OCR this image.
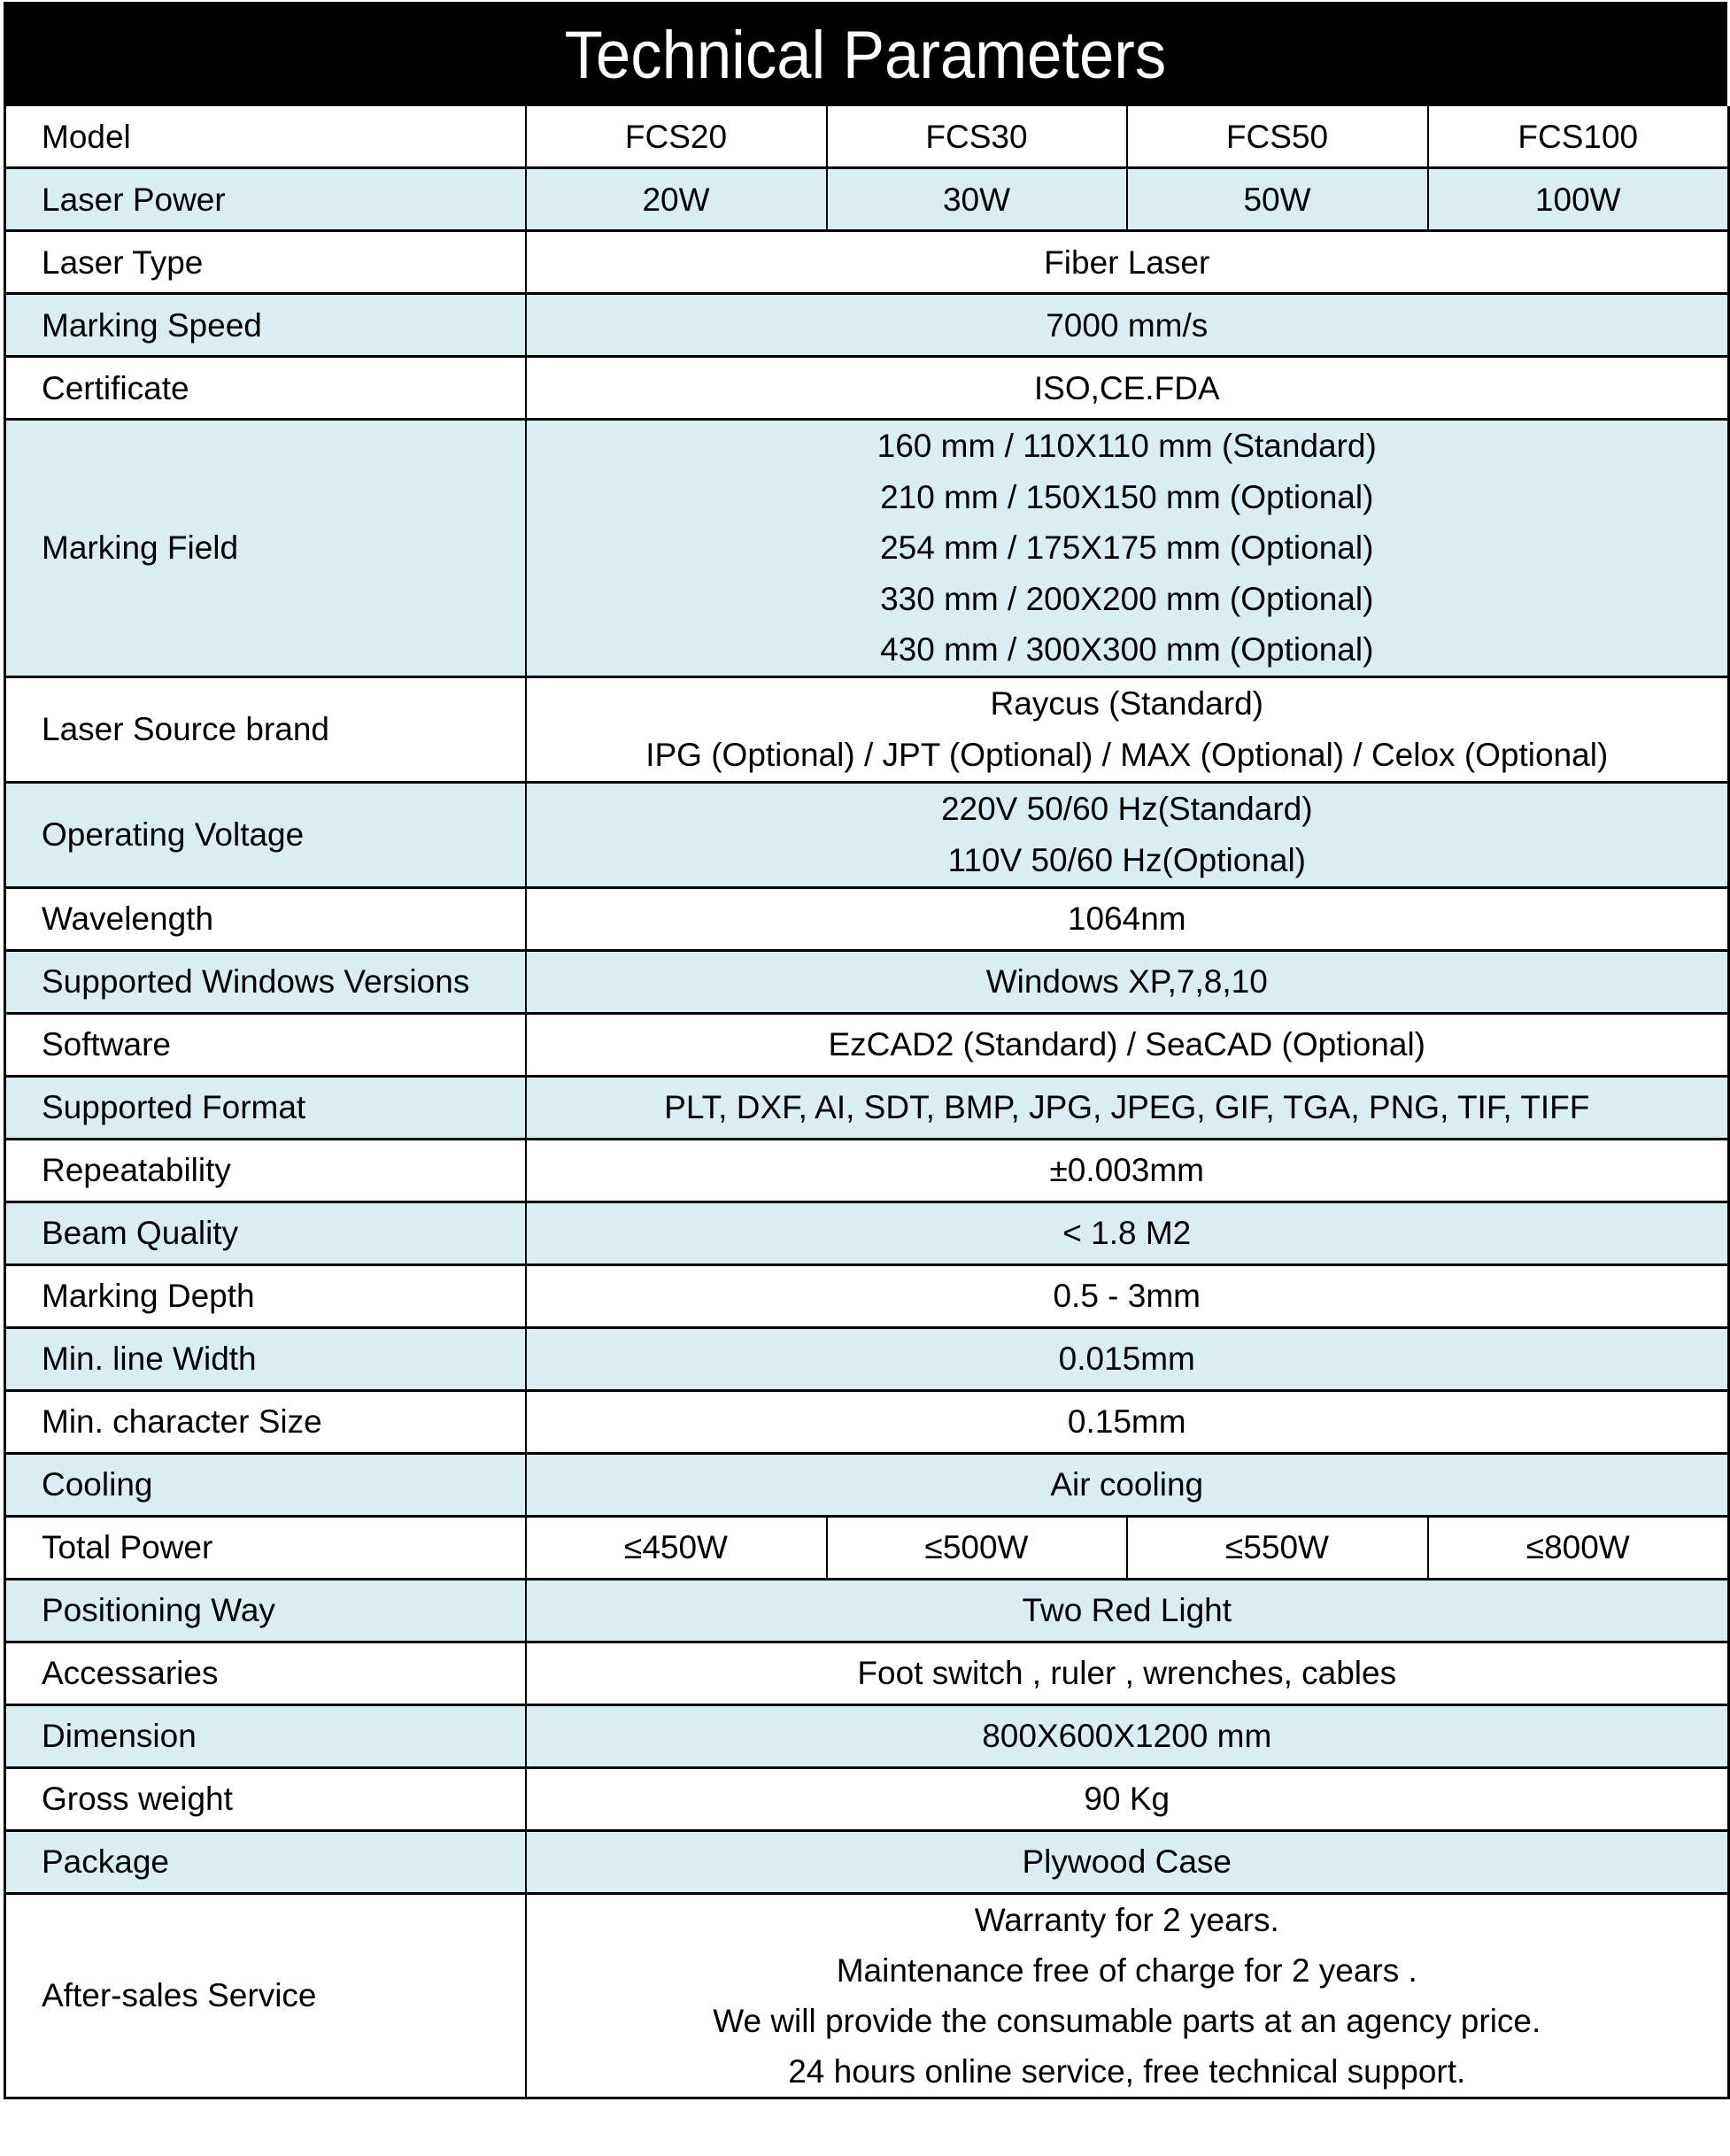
Technical Parameters
Model	FCS20	FCS30	FCS50	FCS100
Laser Power	20W	30W	50W	100W
Laser Type	Fiber Laser			
Marking Speed	7000 mm/s			
Certificate	ISO,CE.FDA			
Marking Field	160 mm / 110X110 mm (Standard)
210 mm / 150X150 mm (Optional)
254 mm / 175X175 mm (Optional)
330 mm / 200X200 mm (Optional)
430 mm / 300X300 mm (Optional)			

Laser Source brand	Raycus (Standard)
IPG (Optional) / JPT (Optional) / MAX (Optional) / Celox (Optional)			

Operating Voltage	220V 50/60 Hz(Standard)
110V 50/60 Hz(Optional)			

Wavelength	1064nm			
Supported Windows Versions	Windows XP,7,8,10			
Software	EzCAD2 (Standard) / SeaCAD (Optional)			
Supported Format	PLT, DXF, AI, SDT, BMP, JPG, JPEG, GIF, TGA, PNG, TIF, TIFF			
Repeatability	±0.003mm			
Beam Quality	< 1.8 M2			
Marking Depth	0.5 - 3mm			
Min. line Width	0.015mm			
Min. character Size	0.15mm			
Cooling	Air cooling			
Total Power	≤450W	≤500W	≤550W	≤800W
Positioning Way	Two Red Light			
Accessaries	Foot switch , ruler , wrenches, cables			
Dimension	800X600X1200 mm			
Gross weight	90 Kg			
Package	Plywood Case			
After-sales Service	Warranty for 2 years.
Maintenance free of charge for 2 years .
We will provide the consumable parts at an agency price.
24 hours online service, free technical support.			
